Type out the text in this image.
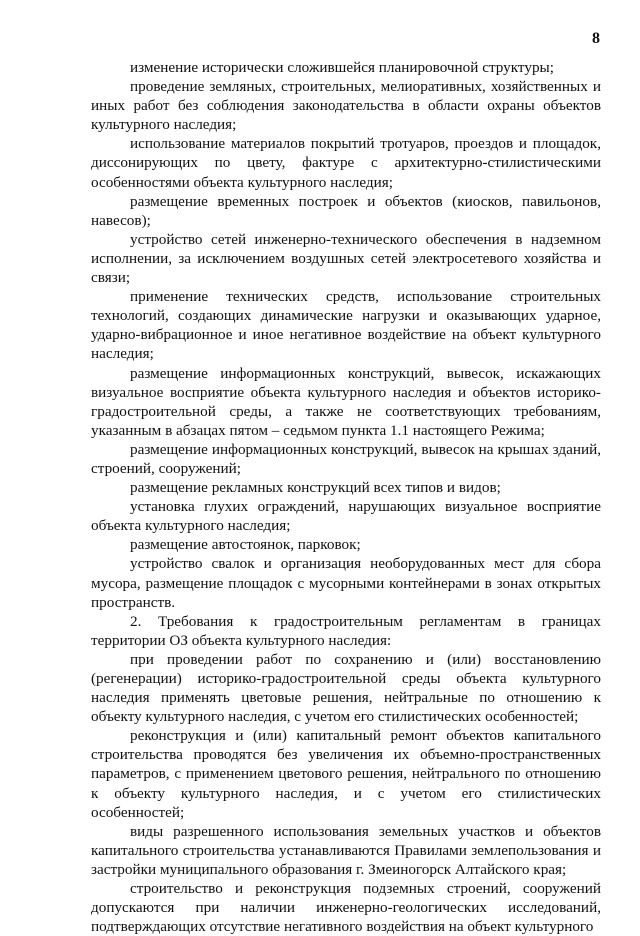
8

изменение исторически сложившейся планировочной структуры;

проведение земляных, строительных, мелиоративных, хозяйственных и иных работ без соблюдения законодательства в области охраны объектов культурного наследия;

использование материалов покрытий тротуаров, проездов и площадок, диссонирующих по цвету, фактуре с архитектурно-стилистическими особенностями объекта культурного наследия;

размещение временных построек и объектов (киосков, павильонов, навесов);

устройство сетей инженерно-технического обеспечения в надземном исполнении, за исключением воздушных сетей электросетевого хозяйства и связи;

применение технических средств, использование строительных технологий, создающих динамические нагрузки и оказывающих ударное, ударно-вибрационное и иное негативное воздействие на объект культурного наследия;

размещение информационных конструкций, вывесок, искажающих визуальное восприятие объекта культурного наследия и объектов историко-градостроительной среды, а также не соответствующих требованиям, указанным в абзацах пятом – седьмом пункта 1.1 настоящего Режима;

размещение информационных конструкций, вывесок на крышах зданий, строений, сооружений;

размещение рекламных конструкций всех типов и видов;

установка глухих ограждений, нарушающих визуальное восприятие объекта культурного наследия;

размещение автостоянок, парковок;

устройство свалок и организация необорудованных мест для сбора мусора, размещение площадок с мусорными контейнерами в зонах открытых пространств.

2. Требования к градостроительным регламентам в границах территории ОЗ объекта культурного наследия:

при проведении работ по сохранению и (или) восстановлению (регенерации) историко-градостроительной среды объекта культурного наследия применять цветовые решения, нейтральные по отношению к объекту культурного наследия, с учетом его стилистических особенностей;

реконструкция и (или) капитальный ремонт объектов капитального строительства проводятся без увеличения их объемно-пространственных параметров, с применением цветового решения, нейтрального по отношению к объекту культурного наследия, и с учетом его стилистических особенностей;

виды разрешенного использования земельных участков и объектов капитального строительства устанавливаются Правилами землепользования и застройки муниципального образования г. Змеиногорск Алтайского края;

строительство и реконструкция подземных строений, сооружений допускаются при наличии инженерно-геологических исследований, подтверждающих отсутствие негативного воздействия на объект культурного
